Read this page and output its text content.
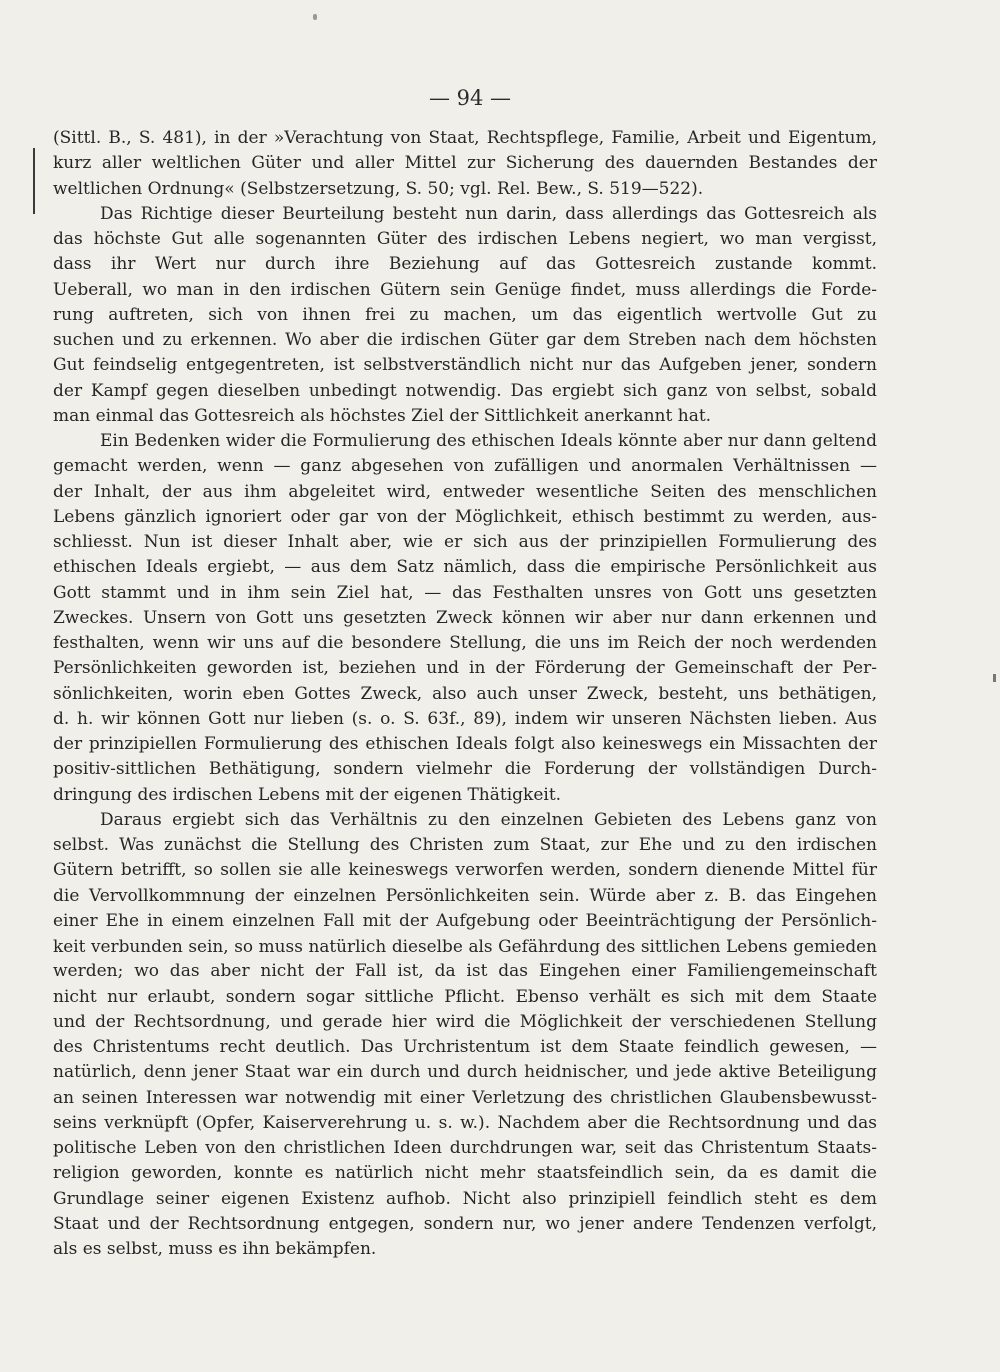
— 94 —
(Sittl. B., S. 481), in der »Verachtung von Staat, Rechtspflege, Familie, Arbeit und Eigentum,
kurz aller weltlichen Güter und aller Mittel zur Sicherung des dauernden Bestandes der
weltlichen Ordnung« (Selbstzersetzung, S. 50; vgl. Rel. Bew., S. 519—522).
Das Richtige dieser Beurteilung besteht nun darin, dass allerdings das Gottesreich als
das höchste Gut alle sogenannten Güter des irdischen Lebens negiert, wo man vergisst,
dass ihr Wert nur durch ihre Beziehung auf das Gottesreich zustande kommt.
Ueberall, wo man in den irdischen Gütern sein Genüge findet, muss allerdings die Forde-
rung auftreten, sich von ihnen frei zu machen, um das eigentlich wertvolle Gut zu
suchen und zu erkennen. Wo aber die irdischen Güter gar dem Streben nach dem höchsten
Gut feindselig entgegentreten, ist selbstverständlich nicht nur das Aufgeben jener, sondern
der Kampf gegen dieselben unbedingt notwendig. Das ergiebt sich ganz von selbst, sobald
man einmal das Gottesreich als höchstes Ziel der Sittlichkeit anerkannt hat.
Ein Bedenken wider die Formulierung des ethischen Ideals könnte aber nur dann geltend
gemacht werden, wenn — ganz abgesehen von zufälligen und anormalen Verhältnissen —
der Inhalt, der aus ihm abgeleitet wird, entweder wesentliche Seiten des menschlichen
Lebens gänzlich ignoriert oder gar von der Möglichkeit, ethisch bestimmt zu werden, aus-
schliesst. Nun ist dieser Inhalt aber, wie er sich aus der prinzipiellen Formulierung des
ethischen Ideals ergiebt, — aus dem Satz nämlich, dass die empirische Persönlichkeit aus
Gott stammt und in ihm sein Ziel hat, — das Festhalten unsres von Gott uns gesetzten
Zweckes. Unsern von Gott uns gesetzten Zweck können wir aber nur dann erkennen und
festhalten, wenn wir uns auf die besondere Stellung, die uns im Reich der noch werdenden
Persönlichkeiten geworden ist, beziehen und in der Förderung der Gemeinschaft der Per-
sönlichkeiten, worin eben Gottes Zweck, also auch unser Zweck, besteht, uns bethätigen,
d. h. wir können Gott nur lieben (s. o. S. 63f., 89), indem wir unseren Nächsten lieben. Aus
der prinzipiellen Formulierung des ethischen Ideals folgt also keineswegs ein Missachten der
positiv-sittlichen Bethätigung, sondern vielmehr die Forderung der vollständigen Durch-
dringung des irdischen Lebens mit der eigenen Thätigkeit.
Daraus ergiebt sich das Verhältnis zu den einzelnen Gebieten des Lebens ganz von
selbst. Was zunächst die Stellung des Christen zum Staat, zur Ehe und zu den irdischen
Gütern betrifft, so sollen sie alle keineswegs verworfen werden, sondern dienende Mittel für
die Vervollkommnung der einzelnen Persönlichkeiten sein. Würde aber z. B. das Eingehen
einer Ehe in einem einzelnen Fall mit der Aufgebung oder Beeinträchtigung der Persönlich-
keit verbunden sein, so muss natürlich dieselbe als Gefährdung des sittlichen Lebens gemieden
werden; wo das aber nicht der Fall ist, da ist das Eingehen einer Familiengemeinschaft
nicht nur erlaubt, sondern sogar sittliche Pflicht. Ebenso verhält es sich mit dem Staate
und der Rechtsordnung, und gerade hier wird die Möglichkeit der verschiedenen Stellung
des Christentums recht deutlich. Das Urchristentum ist dem Staate feindlich gewesen, —
natürlich, denn jener Staat war ein durch und durch heidnischer, und jede aktive Beteiligung
an seinen Interessen war notwendig mit einer Verletzung des christlichen Glaubensbewusst-
seins verknüpft (Opfer, Kaiserverehrung u. s. w.). Nachdem aber die Rechtsordnung und das
politische Leben von den christlichen Ideen durchdrungen war, seit das Christentum Staats-
religion geworden, konnte es natürlich nicht mehr staatsfeindlich sein, da es damit die
Grundlage seiner eigenen Existenz aufhob. Nicht also prinzipiell feindlich steht es dem
Staat und der Rechtsordnung entgegen, sondern nur, wo jener andere Tendenzen verfolgt,
als es selbst, muss es ihn bekämpfen.
